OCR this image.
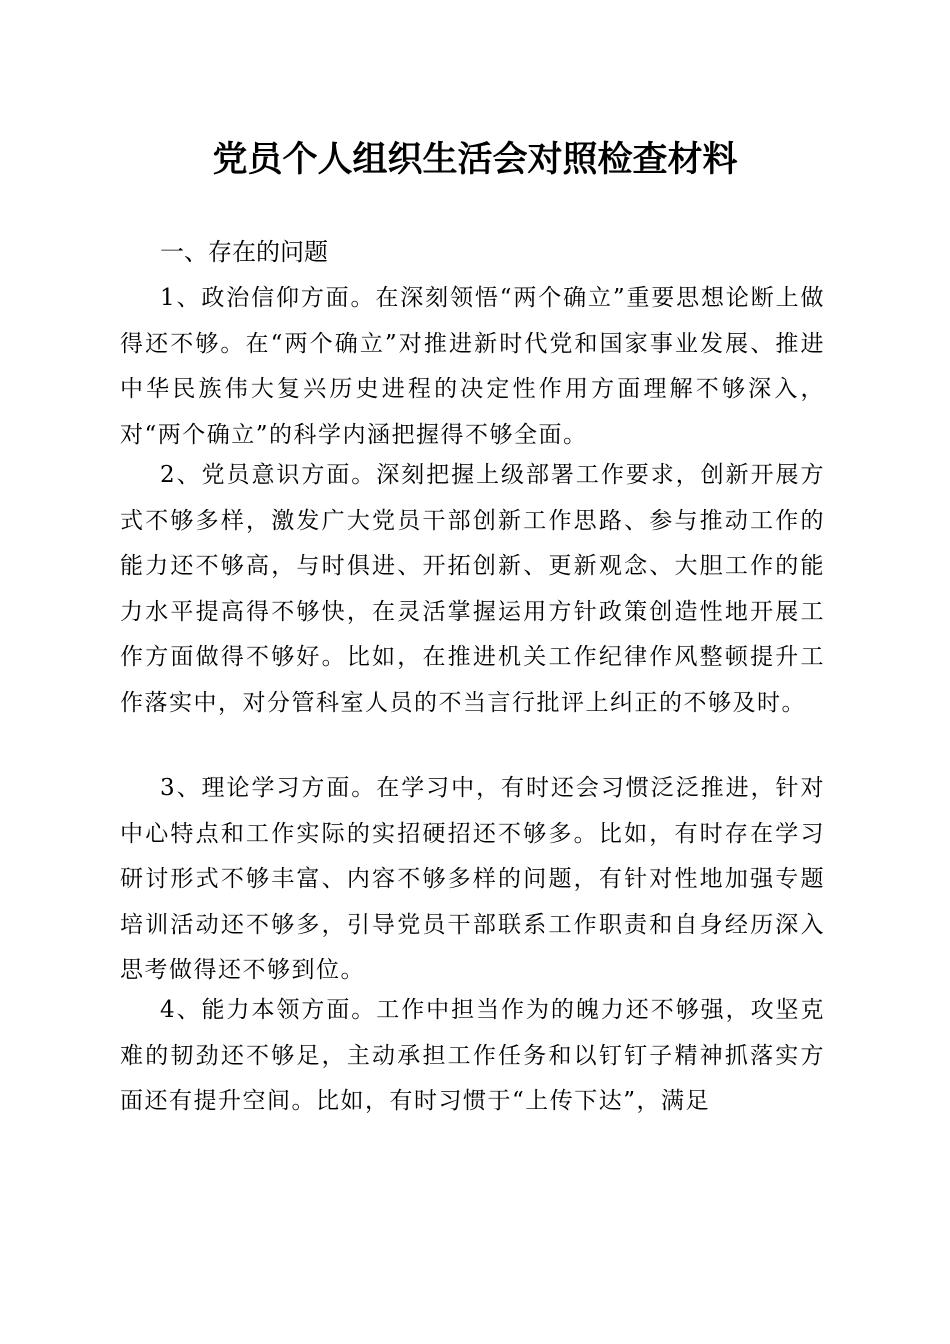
党员个人组织生活会对照检查材料
一、存在的问题
1、政治信仰方面。在深刻领悟“两个确立”重要思想论断上做得还不够。在“两个确立”对推进新时代党和国家事业发展、推进中华民族伟大复兴历史进程的决定性作用方面理解不够深入，对“两个确立”的科学内涵把握得不够全面。
2、党员意识方面。深刻把握上级部署工作要求，创新开展方式不够多样，激发广大党员干部创新工作思路、参与推动工作的能力还不够高，与时俱进、开拓创新、更新观念、大胆工作的能力水平提高得不够快，在灵活掌握运用方针政策创造性地开展工作方面做得不够好。比如，在推进机关工作纪律作风整顿提升工作落实中，对分管科室人员的不当言行批评上纠正的不够及时。
3、理论学习方面。在学习中，有时还会习惯泛泛推进，针对中心特点和工作实际的实招硬招还不够多。比如，有时存在学习研讨形式不够丰富、内容不够多样的问题，有针对性地加强专题培训活动还不够多，引导党员干部联系工作职责和自身经历深入思考做得还不够到位。
4、能力本领方面。工作中担当作为的魄力还不够强，攻坚克难的韧劲还不够足，主动承担工作任务和以钉钉子精神抓落实方面还有提升空间。比如，有时习惯于“上传下达”，满足
